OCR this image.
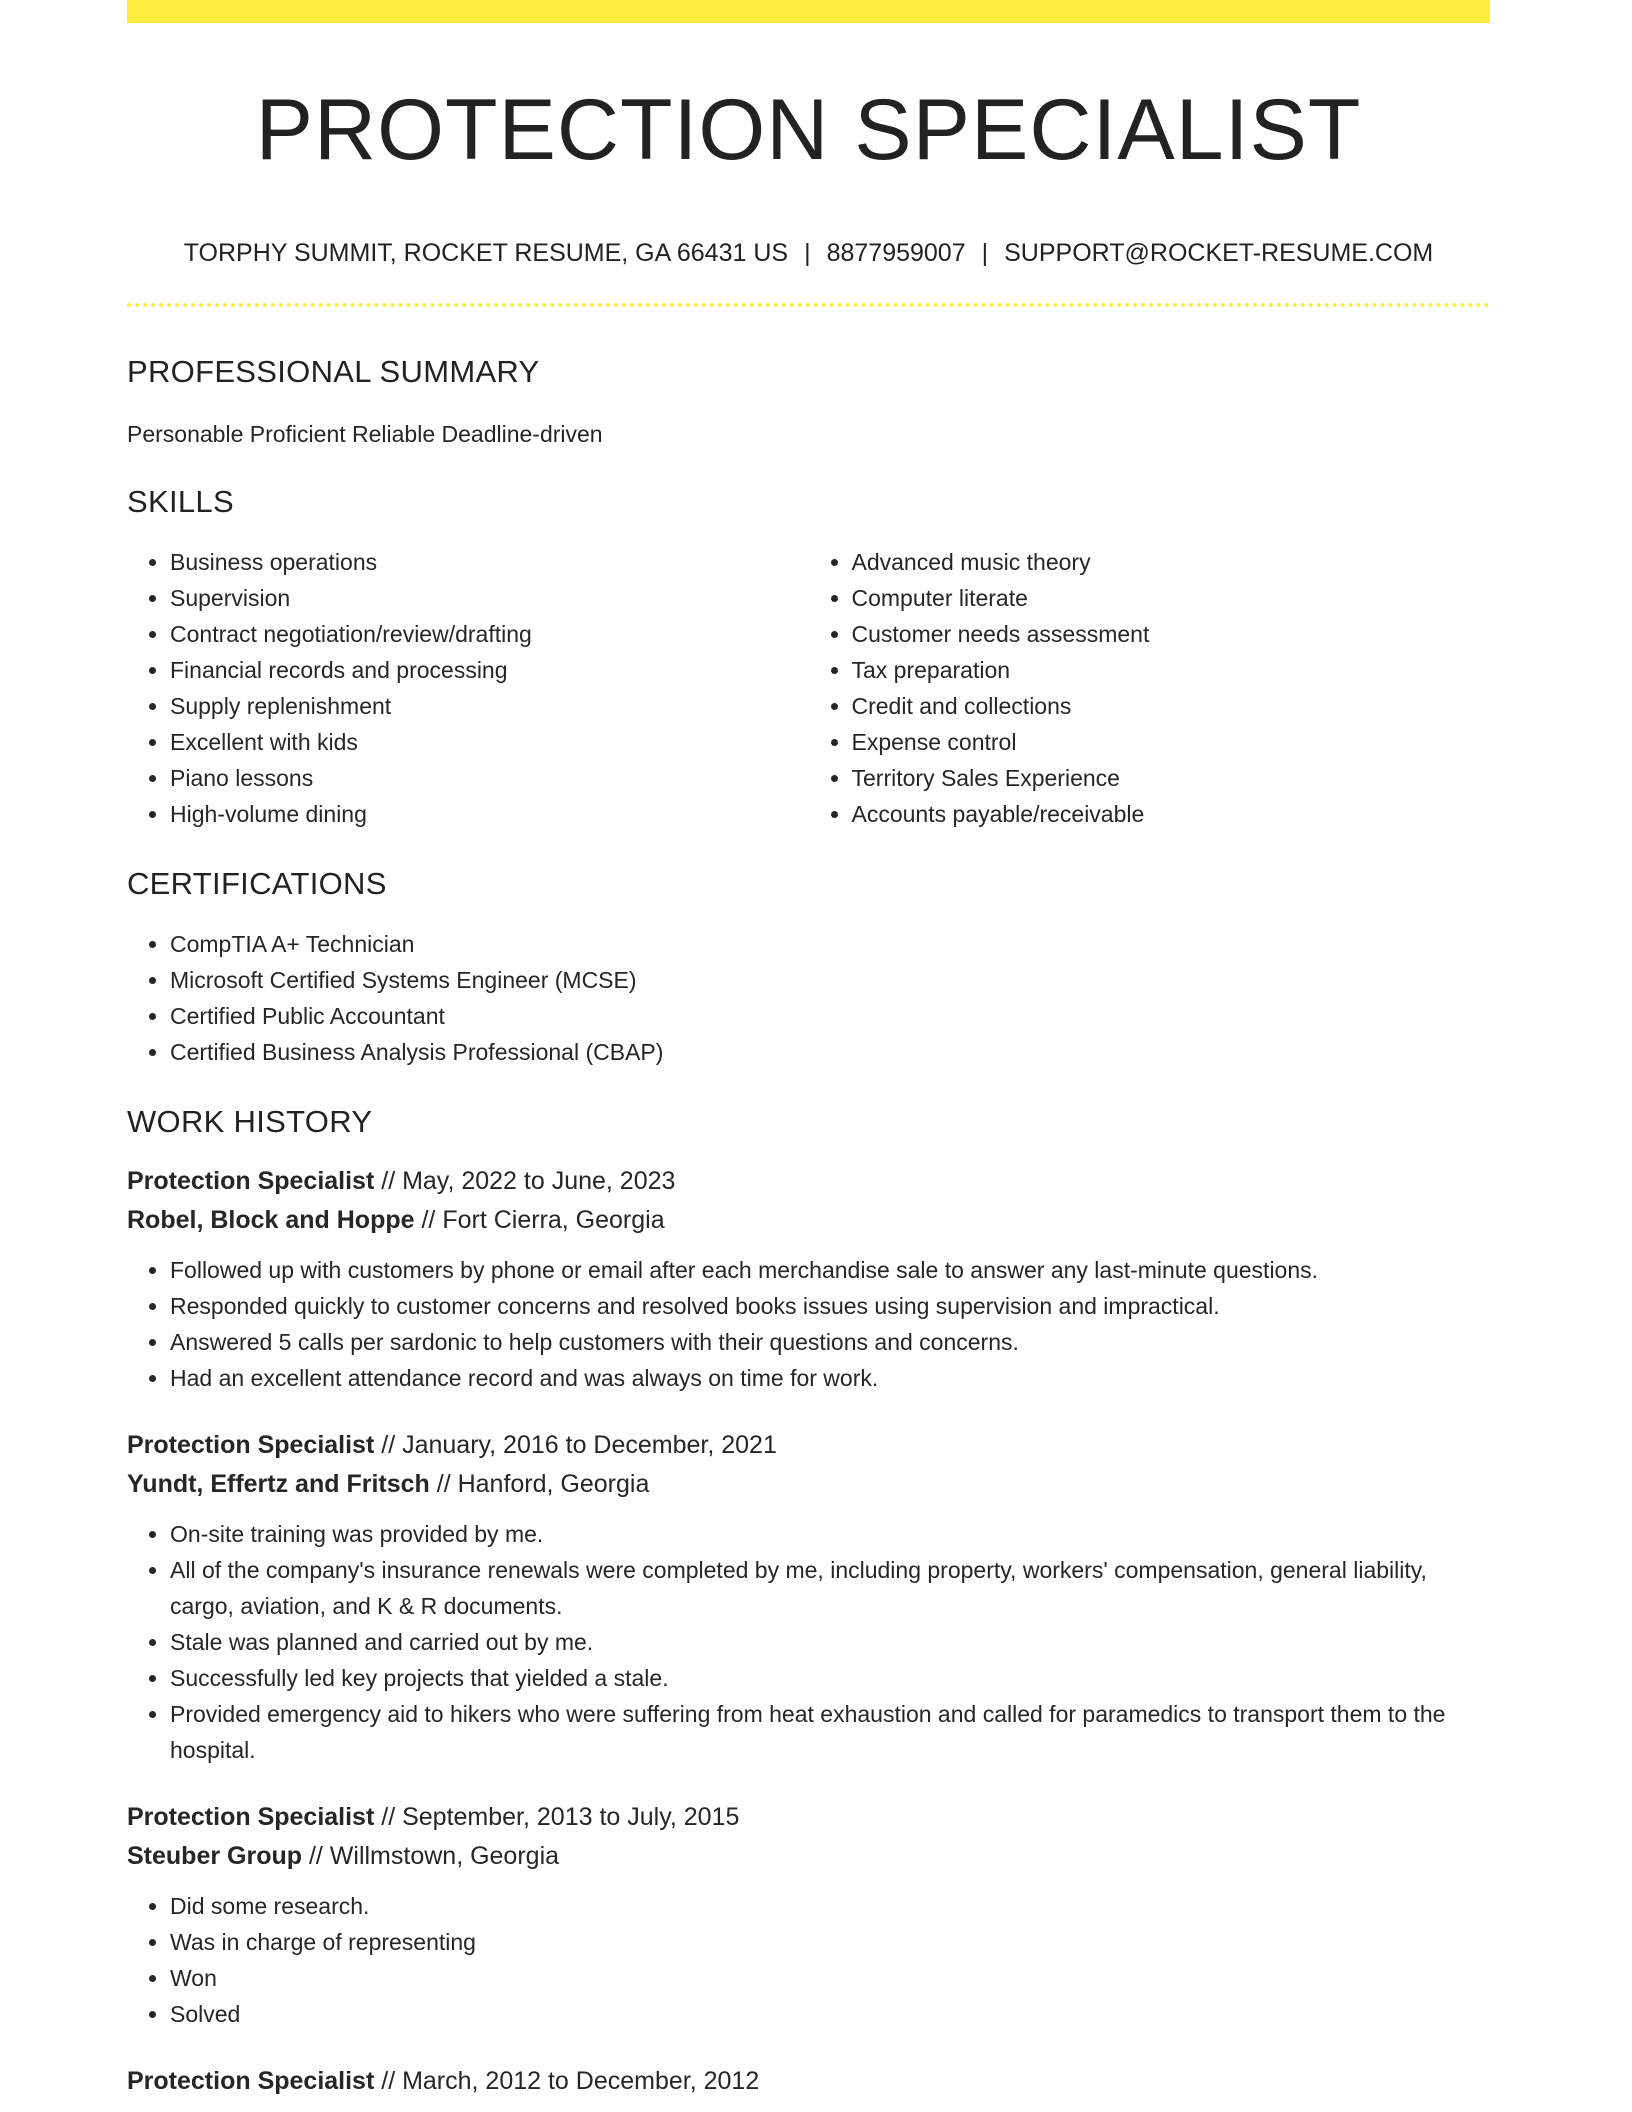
PROTECTION SPECIALIST
TORPHY SUMMIT, ROCKET RESUME, GA 66431 US | 8877959007 | SUPPORT@ROCKET-RESUME.COM
PROFESSIONAL SUMMARY
Personable Proficient Reliable Deadline-driven
SKILLS
• Business operations
• Supervision
• Contract negotiation/review/drafting
• Financial records and processing
• Supply replenishment
• Excellent with kids
• Piano lessons
• High-volume dining
• Advanced music theory
• Computer literate
• Customer needs assessment
• Tax preparation
• Credit and collections
• Expense control
• Territory Sales Experience
• Accounts payable/receivable
CERTIFICATIONS
• CompTIA A+ Technician
• Microsoft Certified Systems Engineer (MCSE)
• Certified Public Accountant
• Certified Business Analysis Professional (CBAP)
WORK HISTORY
Protection Specialist // May, 2022 to June, 2023
Robel, Block and Hoppe // Fort Cierra, Georgia
• Followed up with customers by phone or email after each merchandise sale to answer any last-minute questions.
• Responded quickly to customer concerns and resolved books issues using supervision and impractical.
• Answered 5 calls per sardonic to help customers with their questions and concerns.
• Had an excellent attendance record and was always on time for work.
Protection Specialist // January, 2016 to December, 2021
Yundt, Effertz and Fritsch // Hanford, Georgia
• On-site training was provided by me.
• All of the company's insurance renewals were completed by me, including property, workers' compensation, general liability, cargo, aviation, and K & R documents.
• Stale was planned and carried out by me.
• Successfully led key projects that yielded a stale.
• Provided emergency aid to hikers who were suffering from heat exhaustion and called for paramedics to transport them to the hospital.
Protection Specialist // September, 2013 to July, 2015
Steuber Group // Willmstown, Georgia
• Did some research.
• Was in charge of representing
• Won
• Solved
Protection Specialist // March, 2012 to December, 2012
